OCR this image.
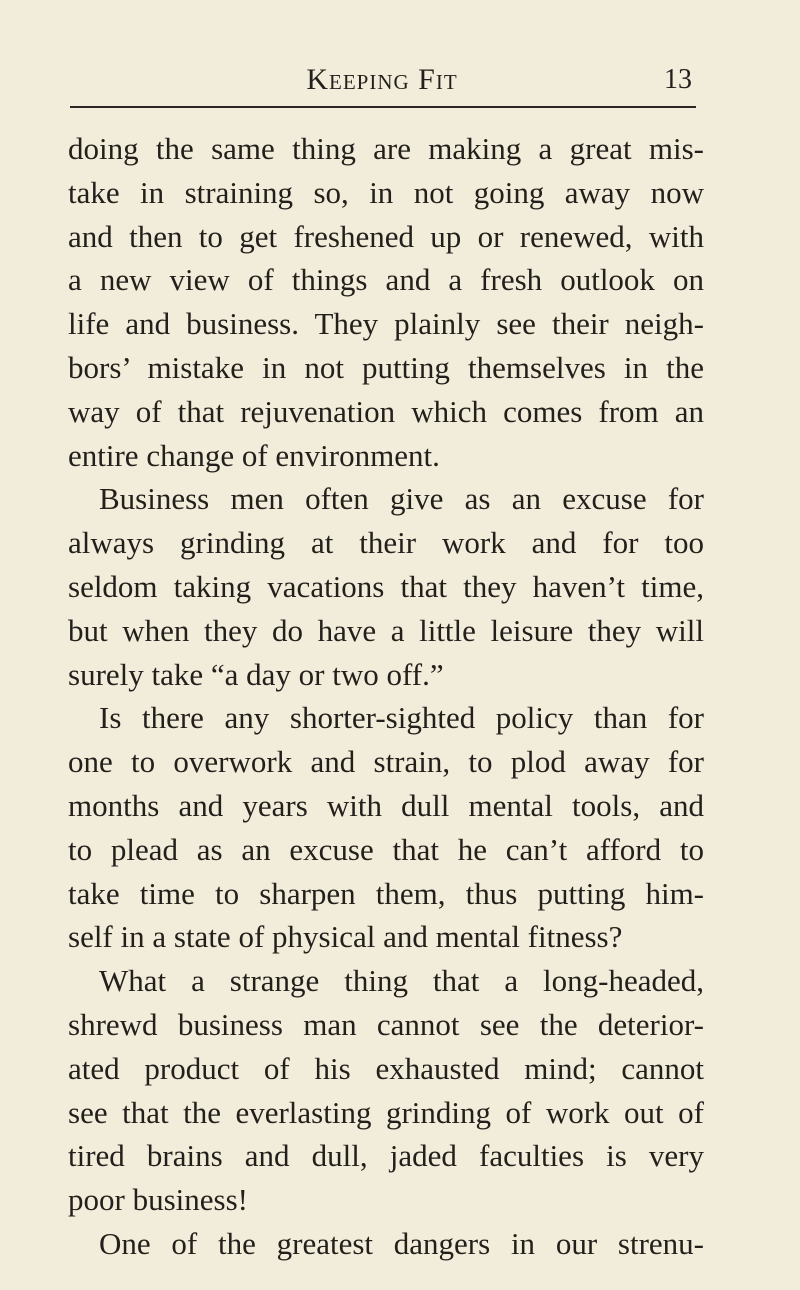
Keeping Fit	13
doing the same thing are making a great mis-
take in straining so, in not going away now
and then to get freshened up or renewed, with
a new view of things and a fresh outlook on
life and business. They plainly see their neigh-
bors’ mistake in not putting themselves in the
way of that rejuvenation which comes from an
entire change of environment.
Business men often give as an excuse for
always grinding at their work and for too
seldom taking vacations that they haven’t time,
but when they do have a little leisure they will
surely take “a day or two off.”
Is there any shorter-sighted policy than for
one to overwork and strain, to plod away for
months and years with dull mental tools, and
to plead as an excuse that he can’t afford to
take time to sharpen them, thus putting him-
self in a state of physical and mental fitness?
What a strange thing that a long-headed,
shrewd business man cannot see the deterior-
ated product of his exhausted mind; cannot
see that the everlasting grinding of work out of
tired brains and dull, jaded faculties is very
poor business!
One of the greatest dangers in our strenu-
